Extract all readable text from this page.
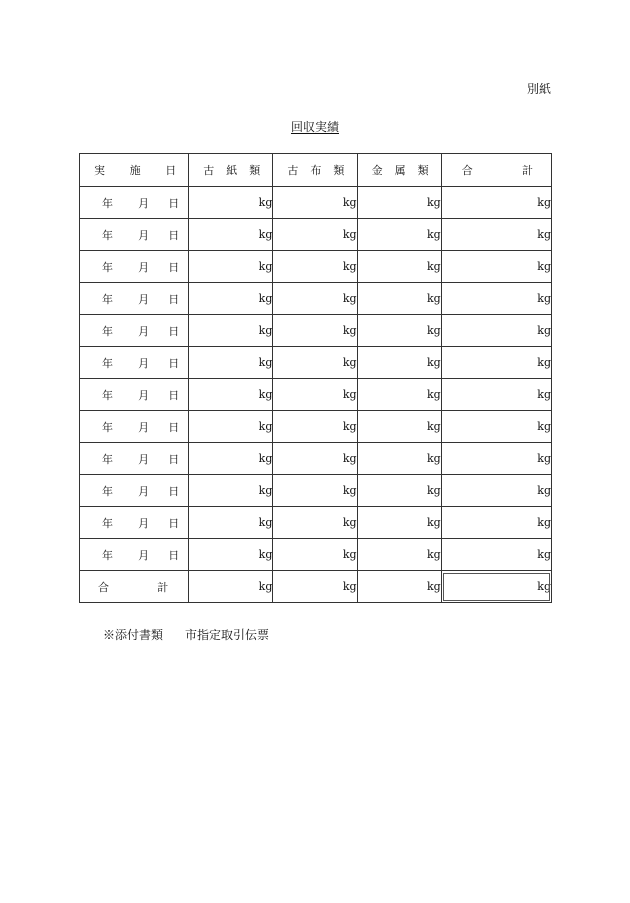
別紙
回収実績
実 施 日	古 紙 類	古 布 類	金 属 類	合 計

年 月 日	kg	kg	kg	kg

年 月 日	kg	kg	kg	kg

年 月 日	kg	kg	kg	kg

年 月 日	kg	kg	kg	kg

年 月 日	kg	kg	kg	kg

年 月 日	kg	kg	kg	kg

年 月 日	kg	kg	kg	kg

年 月 日	kg	kg	kg	kg

年 月 日	kg	kg	kg	kg

年 月 日	kg	kg	kg	kg

年 月 日	kg	kg	kg	kg

年 月 日	kg	kg	kg	kg

合 計	kg	kg	kg	kg
※添付書類 市指定取引伝票
